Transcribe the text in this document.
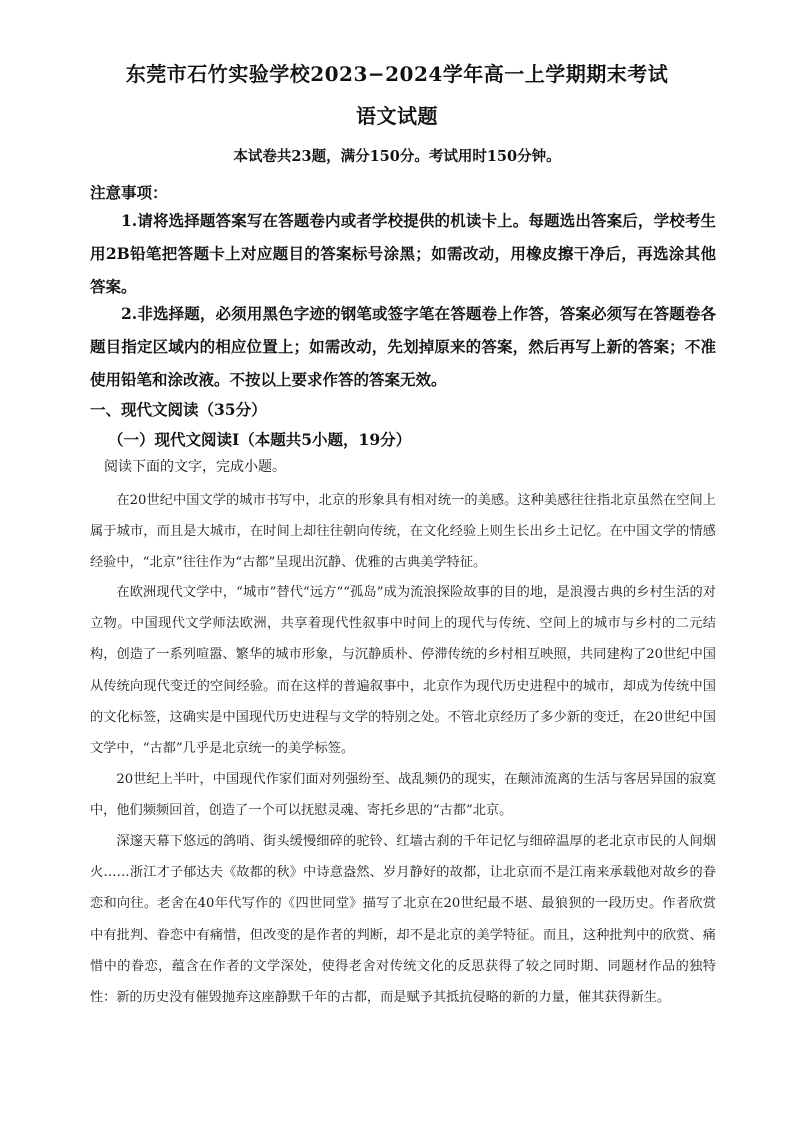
东莞市石竹实验学校2023−2024学年高一上学期期末考试
语文试题
本试卷共23题，满分150分。考试用时150分钟。
注意事项：
1.请将选择题答案写在答题卷内或者学校提供的机读卡上。每题选出答案后，学校考生用2B铅笔把答题卡上对应题目的答案标号涂黑；如需改动，用橡皮擦干净后，再选涂其他答案。
2.非选择题，必须用黑色字迹的钢笔或签字笔在答题卷上作答，答案必须写在答题卷各题目指定区域内的相应位置上；如需改动，先划掉原来的答案，然后再写上新的答案；不准使用铅笔和涂改液。不按以上要求作答的答案无效。
一、现代文阅读（35分）
（一）现代文阅读Ⅰ（本题共5小题，19分）
阅读下面的文字，完成小题。
在20世纪中国文学的城市书写中，北京的形象具有相对统一的美感。这种美感往往指北京虽然在空间上属于城市，而且是大城市，在时间上却往往朝向传统，在文化经验上则生长出乡土记忆。在中国文学的情感经验中，“北京”往往作为“古都”呈现出沉静、优雅的古典美学特征。
在欧洲现代文学中，“城市”替代“远方”“孤岛”成为流浪探险故事的目的地，是浪漫古典的乡村生活的对立物。中国现代文学师法欧洲，共享着现代性叙事中时间上的现代与传统、空间上的城市与乡村的二元结构，创造了一系列喧嚣、繁华的城市形象，与沉静质朴、停滞传统的乡村相互映照，共同建构了20世纪中国从传统向现代变迁的空间经验。而在这样的普遍叙事中，北京作为现代历史进程中的城市，却成为传统中国的文化标签，这确实是中国现代历史进程与文学的特别之处。不管北京经历了多少新的变迁，在20世纪中国文学中，“古都”几乎是北京统一的美学标签。
20世纪上半叶，中国现代作家们面对列强纷至、战乱频仍的现实，在颠沛流离的生活与客居异国的寂寞中，他们频频回首，创造了一个可以抚慰灵魂、寄托乡思的“古都”北京。
深邃天幕下悠远的鸽哨、街头缓慢细碎的驼铃、红墙古刹的千年记忆与细碎温厚的老北京市民的人间烟火……浙江才子郁达夫《故都的秋》中诗意盎然、岁月静好的故都，让北京而不是江南来承载他对故乡的眷恋和向往。老舍在40年代写作的《四世同堂》描写了北京在20世纪最不堪、最狼狈的一段历史。作者欣赏中有批判、眷恋中有痛惜，但改变的是作者的判断，却不是北京的美学特征。而且，这种批判中的欣赏、痛惜中的眷恋，蕴含在作者的文学深处，使得老舍对传统文化的反思获得了较之同时期、同题材作品的独特性：新的历史没有催毁抛弃这座静默千年的古都，而是赋予其抵抗侵略的新的力量，催其获得新生。
